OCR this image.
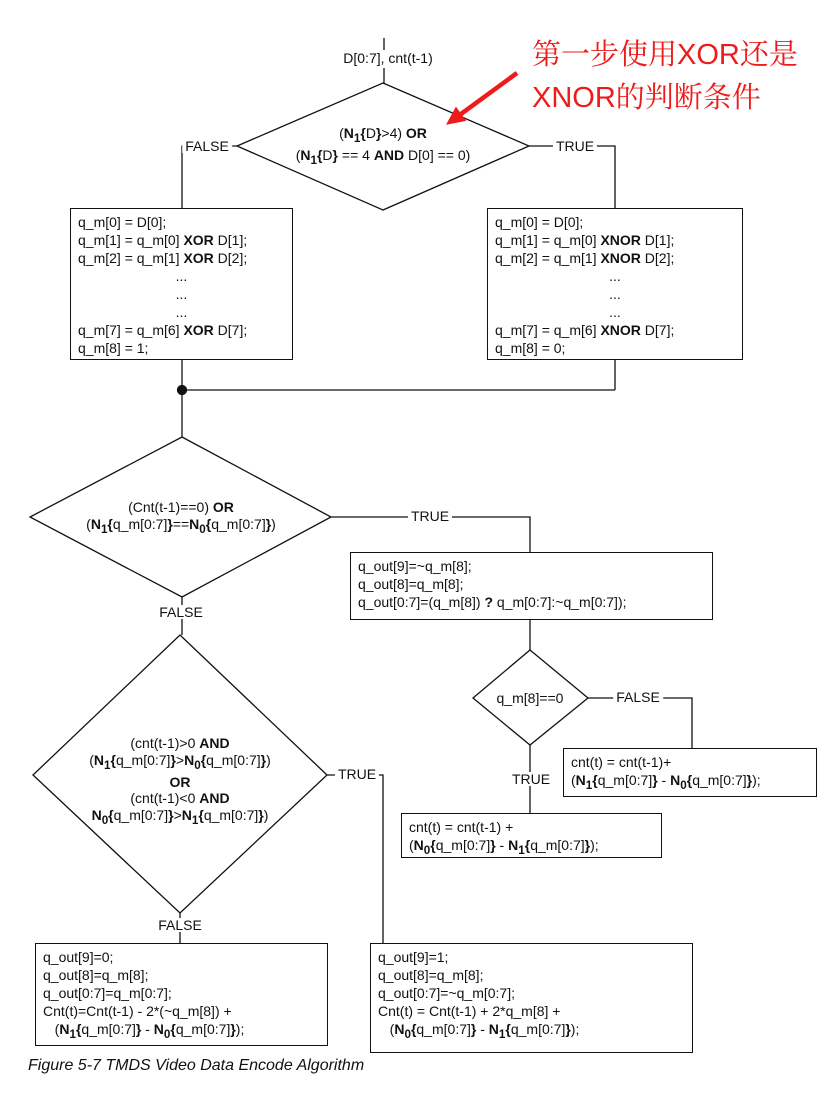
D[0:7], cnt(t-1)	第一步使用XOR还是
XNOR的判断条件
$(N_1\{D\}>4)$ OR
($N_1\{D\} == 4$ AND D[0] == 0)
q_m[0] = D[0];
q_m[1] = q_m[0] XOR D[1];
q_m[2] = q_m[1] XOR D[2];
...
...
...
q_m[7] = q_m[6] XOR D[7];
q_m[8] = 1;
q_m[0] = D[0];
q_m[1] = q_m[0] XNOR D[1];
q_m[2] = q_m[1] XNOR D[2];
...
...
...
q_m[7] = q_m[6] XNOR D[7];
q_m[8] = 0;
(Cnt(t-1)==0) OR
$(N_1\{q\_m[0:7]\}==N_0\{q\_m[0:7]\})$
q_out[9]=~q_m[8];
q_out[8]=q_m[8];
q_out[0:7]=(q_m[8]) ? q_m[0:7]:~q_m[0:7]);
q_m[8]==0
cnt(t) = cnt(t-1)+
($N_1\{q\_m[0:7]\}$ - $N_0\{q\_m[0:7]\}$);
cnt(t) = cnt(t-1) +
($N_0\{q\_m[0:7]\}$ - $N_1\{q\_m[0:7]\}$);
(cnt(t-1)>0 AND
$(N_1\{q\_m[0:7]\}>N_0\{q\_m[0:7]\})$
OR
(cnt(t-1)<0 AND
$N_0\{q\_m[0:7]\}>N_1\{q\_m[0:7]\}$)
q_out[9]=0;
q_out[8]=q_m[8];
q_out[0:7]=q_m[0:7];
Cnt(t)=Cnt(t-1) - 2*(~q_m[8]) +
($N_1\{q\_m[0:7]\}$ - $N_0\{q\_m[0:7]\}$);
q_out[9]=1;
q_out[8]=q_m[8];
q_out[0:7]=~q_m[0:7];
Cnt(t) = Cnt(t-1) + 2*q_m[8] +
($N_0\{q\_m[0:7]\}$ - $N_1\{q\_m[0:7]\}$);
FALSE	TRUE
TRUE
FALSE
FALSE
TRUE
TRUE
FALSE
Figure 5-7 TMDS Video Data Encode Algorithm
